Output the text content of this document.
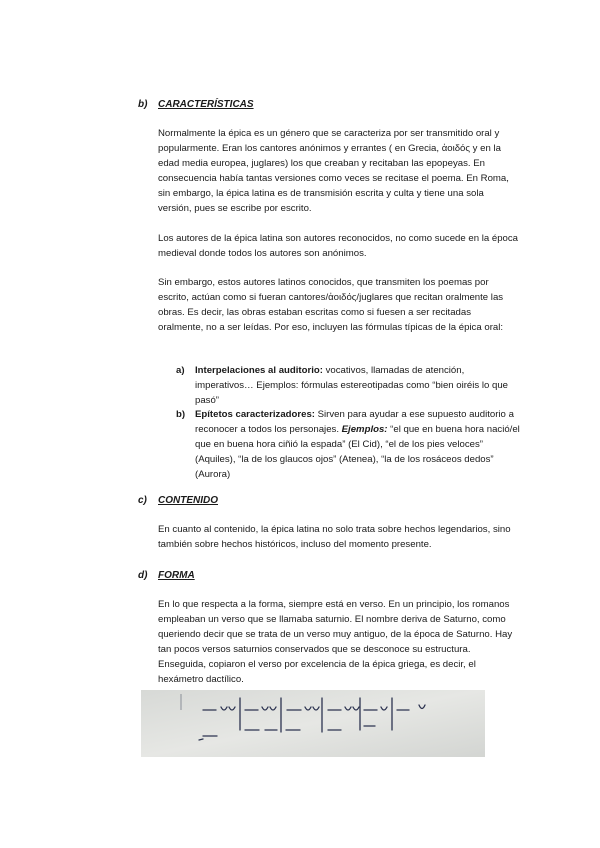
b) CARACTERÍSTICAS

Normalmente la épica es un género que se caracteriza por ser transmitido oral y popularmente. Eran los cantores anónimos y errantes ( en Grecia, ἀοιδός y en la edad media europea, juglares) los que creaban y recitaban las epopeyas. En consecuencia había tantas versiones como veces se recitase el poema. En Roma, sin embargo, la épica latina es de transmisión escrita y culta y tiene una sola versión, pues se escribe por escrito.

Los autores de la épica latina son autores reconocidos, no como sucede en la época medieval donde todos los autores son anónimos.

Sin embargo, estos autores latinos conocidos, que transmiten los poemas por escrito, actúan como si fueran cantores/ἀοιδός/juglares que recitan oralmente las obras. Es decir, las obras estaban escritas como si fuesen a ser recitadas oralmente, no a ser leídas. Por eso, incluyen las fórmulas típicas de la épica oral:

a) Interpelaciones al auditorio: vocativos, llamadas de atención, imperativos… Ejemplos: fórmulas estereotipadas como “bien oiréis lo que pasó”
b) Epítetos caracterizadores: Sirven para ayudar a ese supuesto auditorio a reconocer a todos los personajes. Ejemplos: “el que en buena hora nació/el que en buena hora ciñió la espada” (El Cid), “el de los pies veloces” (Aquiles), “la de los glaucos ojos” (Atenea), “la de los rosáceos dedos” (Aurora)
c) CONTENIDO

En cuanto al contenido, la épica latina no solo trata sobre hechos legendarios, sino también sobre hechos históricos, incluso del momento presente.

d) FORMA

En lo que respecta a la forma, siempre está en verso. En un principio, los romanos empleaban un verso que se llamaba saturnio. El nombre deriva de Saturno, como queriendo decir que se trata de un verso muy antiguo, de la época de Saturno. Hay tan pocos versos saturnios conservados que se desconoce su estructura. Enseguida, copiaron el verso por excelencia de la épica griega, es decir, el hexámetro dactílico.
